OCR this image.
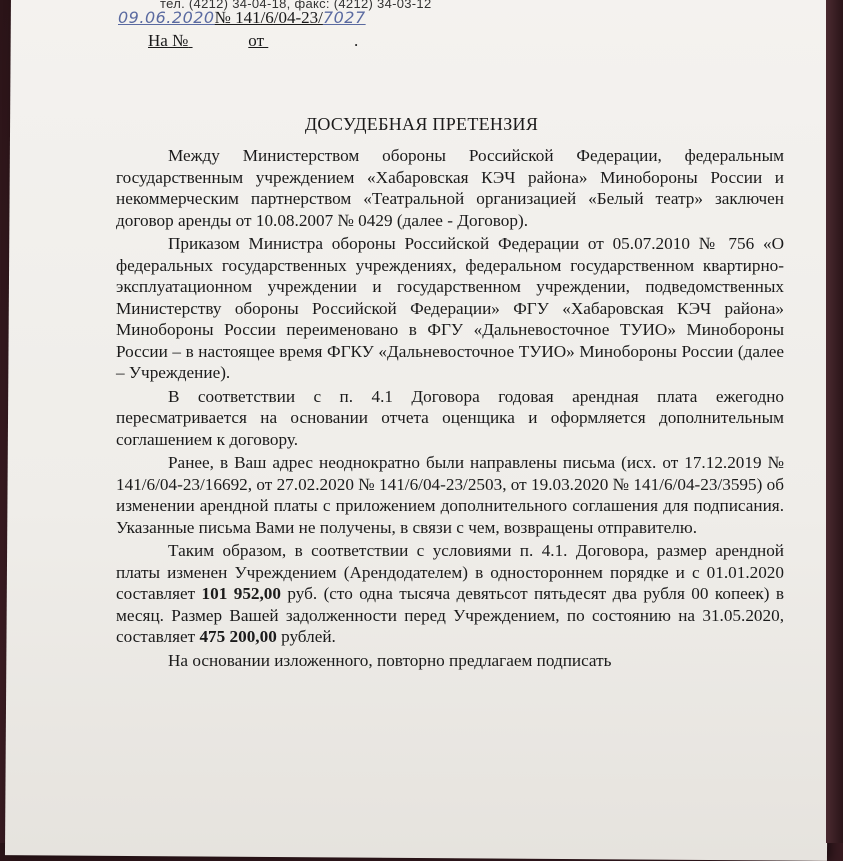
тел. (4212) 34-04-18, факс: (4212) 34-03-12
09.06.2020№ 141/6/04-23/7027
На №	от	.
ДОСУДЕБНАЯ ПРЕТЕНЗИЯ

Между Министерством обороны Российской Федерации, федеральным государственным учреждением «Хабаровская КЭЧ района» Минобороны России и некоммерческим партнерством «Театральной организацией «Белый театр» заключен договор аренды от 10.08.2007 № 0429 (далее - Договор).

Приказом Министра обороны Российской Федерации от 05.07.2010 № 756 «О федеральных государственных учреждениях, федеральном государственном квартирно-эксплуатационном учреждении и государственном учреждении, подведомственных Министерству обороны Российской Федерации» ФГУ «Хабаровская КЭЧ района» Минобороны России переименовано в ФГУ «Дальневосточное ТУИО» Минобороны России – в настоящее время ФГКУ «Дальневосточное ТУИО» Минобороны России (далее – Учреждение).

В соответствии с п. 4.1 Договора годовая арендная плата ежегодно пересматривается на основании отчета оценщика и оформляется дополнительным соглашением к договору.

Ранее, в Ваш адрес неоднократно были направлены письма (исх. от 17.12.2019 № 141/6/04-23/16692, от 27.02.2020 № 141/6/04-23/2503, от 19.03.2020 № 141/6/04-23/3595) об изменении арендной платы с приложением дополнительного соглашения для подписания. Указанные письма Вами не получены, в связи с чем, возвращены отправителю.

Таким образом, в соответствии с условиями п. 4.1. Договора, размер арендной платы изменен Учреждением (Арендодателем) в одностороннем порядке и с 01.01.2020 составляет 101 952,00 руб. (сто одна тысяча девятьсот пятьдесят два рубля 00 копеек) в месяц. Размер Вашей задолженности перед Учреждением, по состоянию на 31.05.2020, составляет 475 200,00 рублей.

На основании изложенного, повторно предлагаем подписать
